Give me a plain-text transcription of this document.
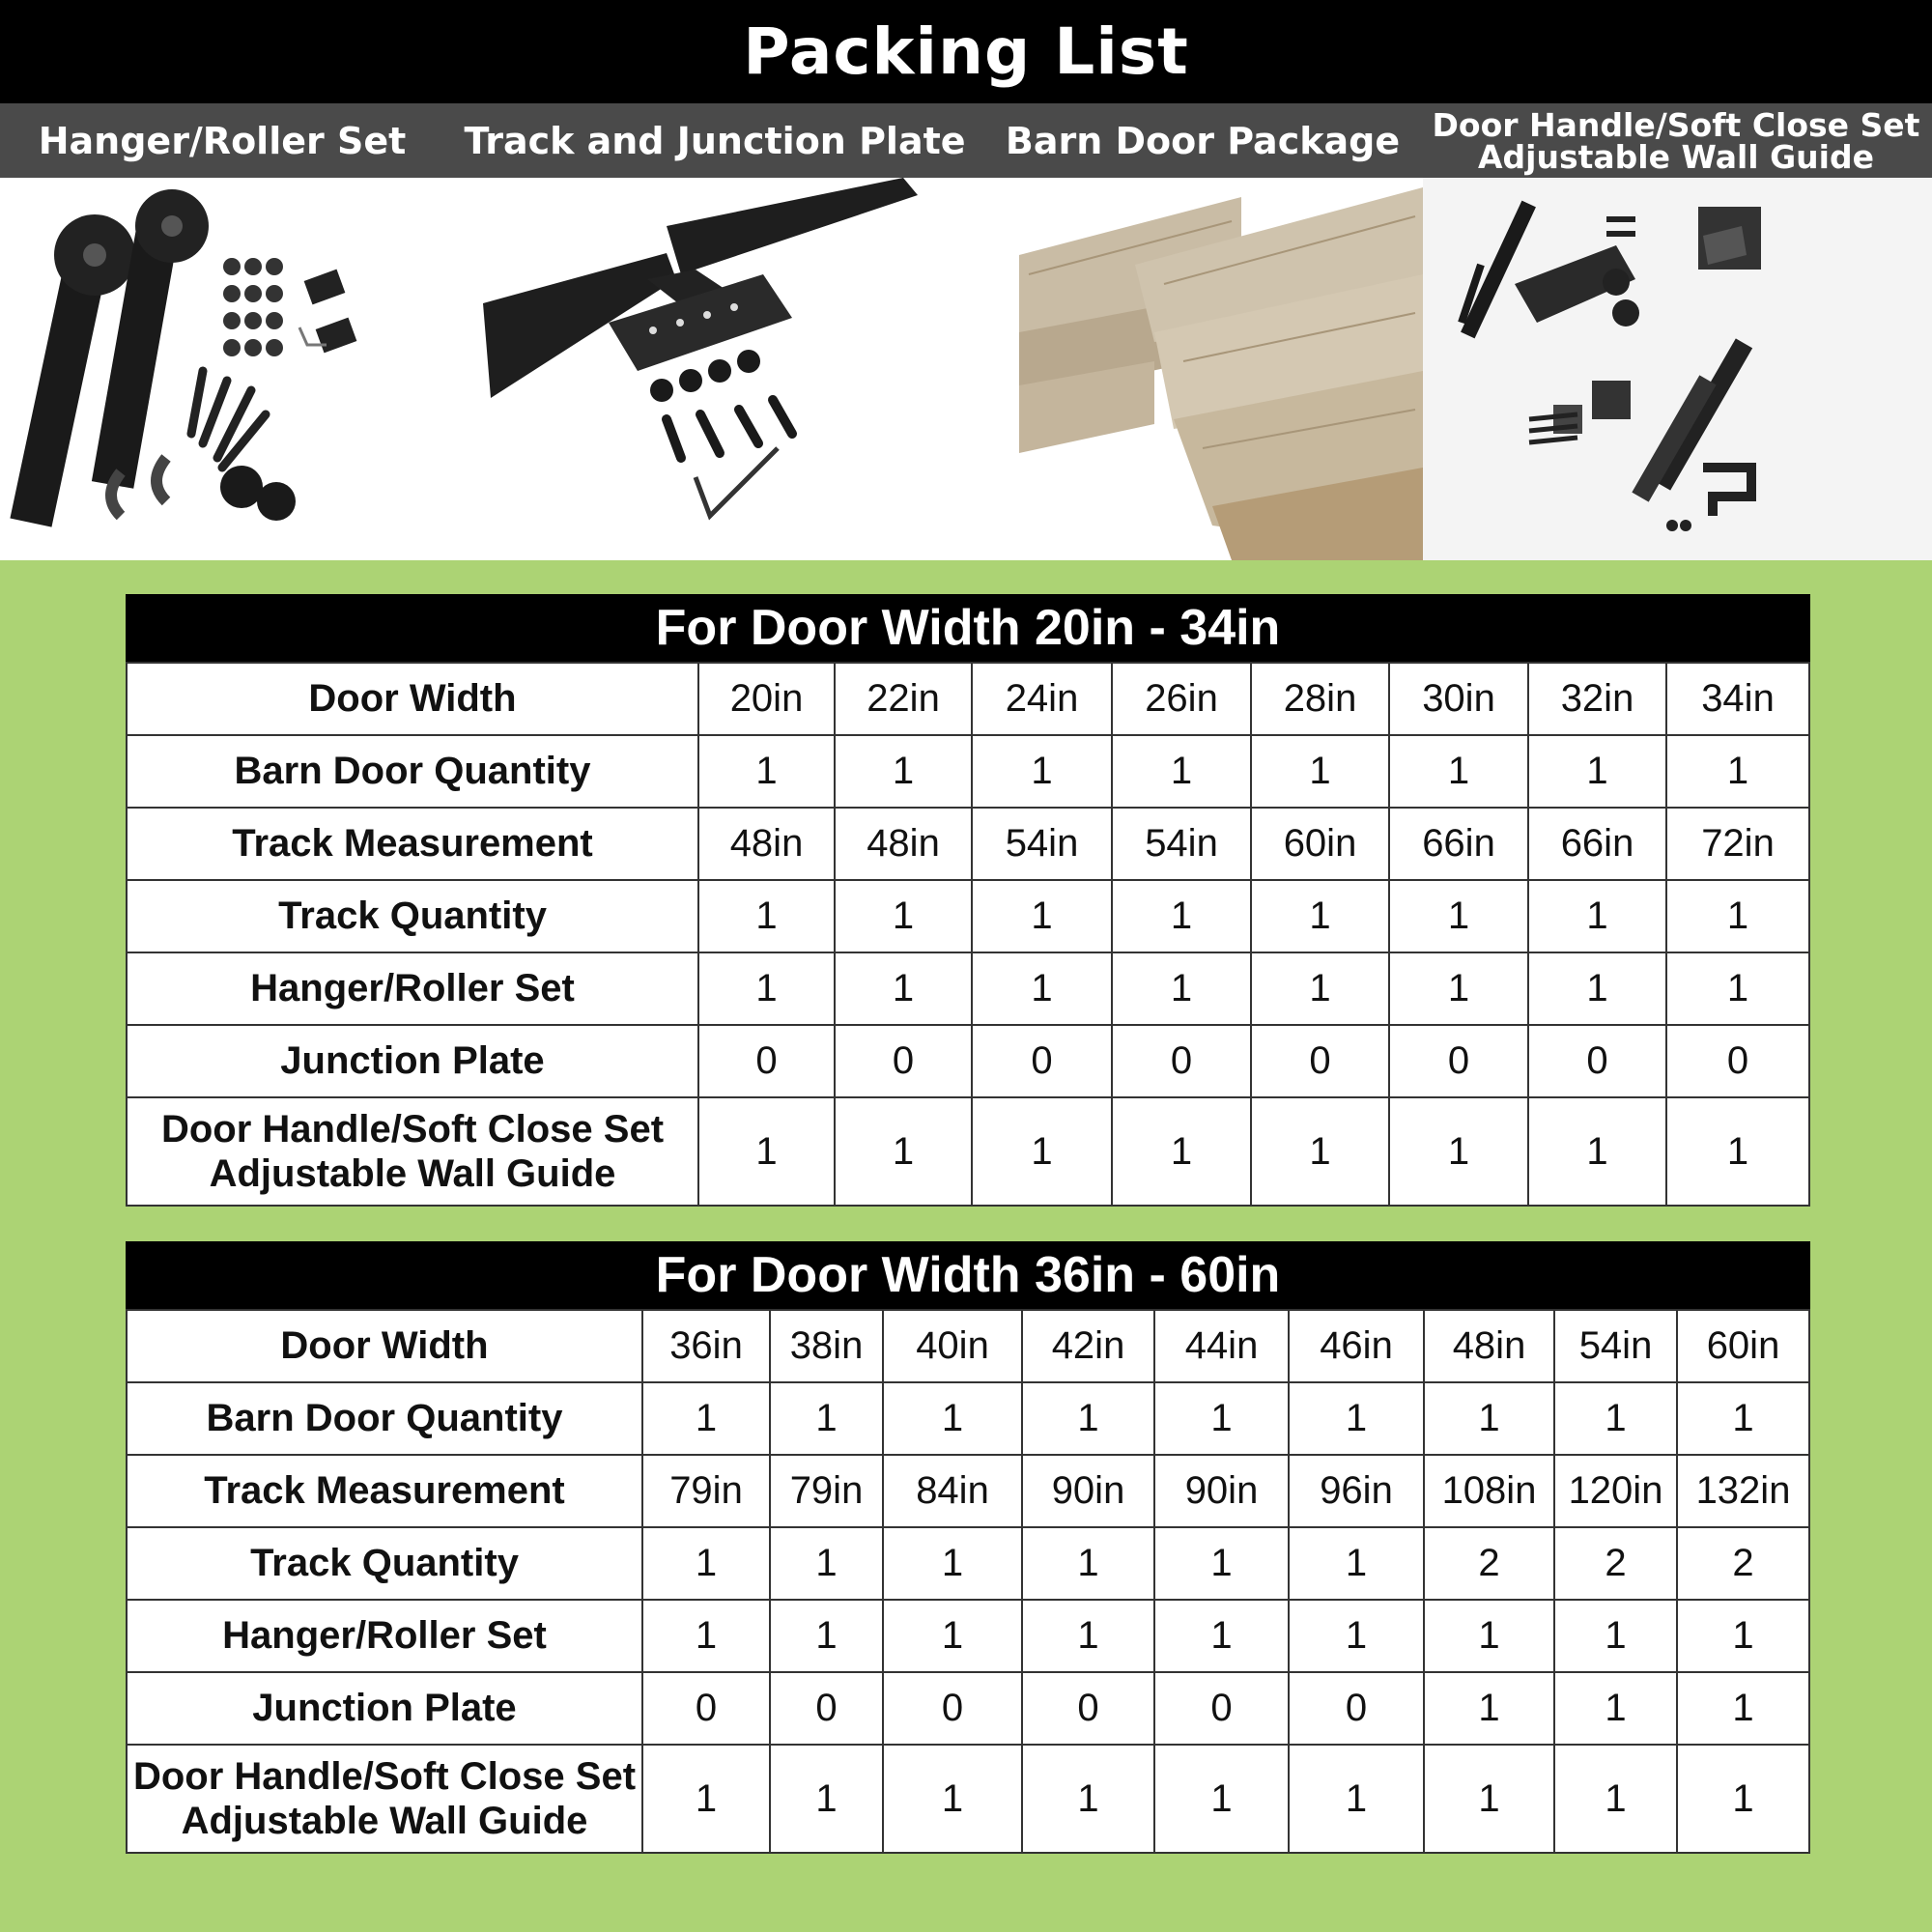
Packing List
Hanger/Roller Set	Track and Junction Plate	Barn Door Package	Door Handle/Soft Close Set
Adjustable Wall Guide
For Door Width 20in - 34in
Door Width	20in	22in	24in	26in	28in	30in	32in	34in
Barn Door Quantity	1	1	1	1	1	1	1	1
Track Measurement	48in	48in	54in	54in	60in	66in	66in	72in
Track Quantity	1	1	1	1	1	1	1	1
Hanger/Roller Set	1	1	1	1	1	1	1	1
Junction Plate	0	0	0	0	0	0	0	0

Door Handle/Soft Close Set
Adjustable Wall Guide	1	1	1	1	1	1	1	1
For Door Width 36in - 60in
Door Width	36in	38in	40in	42in	44in	46in	48in	54in	60in
Barn Door Quantity	1	1	1	1	1	1	1	1	1
Track Measurement	79in	79in	84in	90in	90in	96in	108in	120in	132in
Track Quantity	1	1	1	1	1	1	2	2	2
Hanger/Roller Set	1	1	1	1	1	1	1	1	1
Junction Plate	0	0	0	0	0	0	1	1	1

Door Handle/Soft Close Set
Adjustable Wall Guide	1	1	1	1	1	1	1	1	1
